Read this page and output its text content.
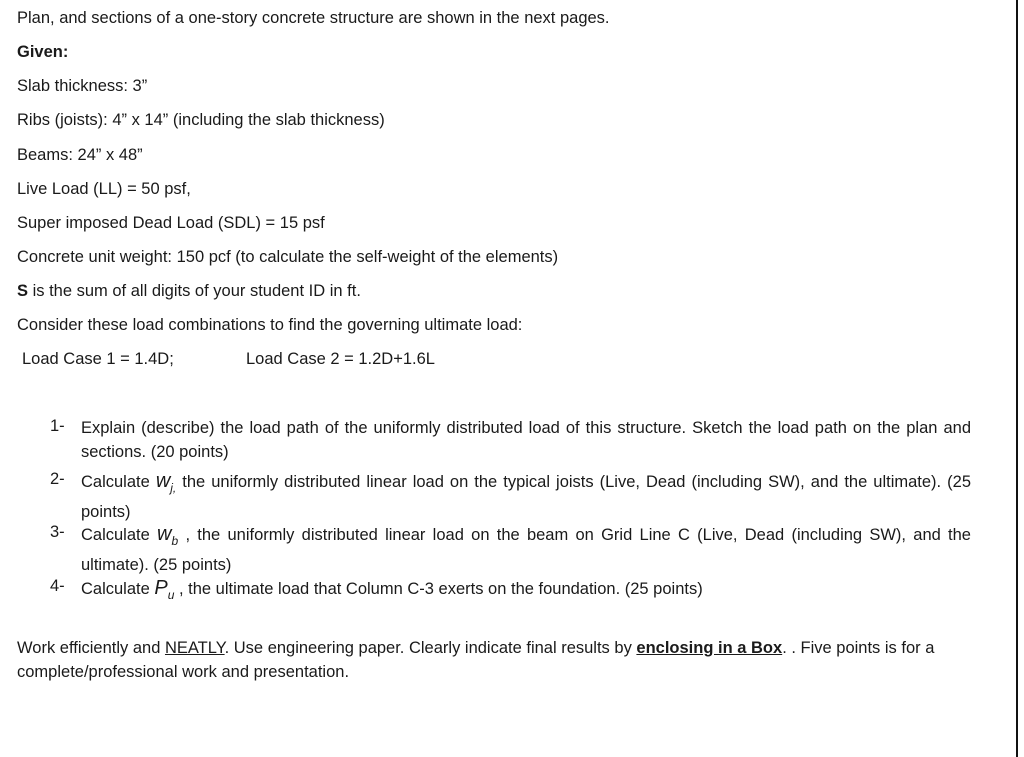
Plan, and sections of a one-story concrete structure are shown in the next pages.
Given:
Slab thickness: 3”
Ribs (joists): 4” x 14” (including the slab thickness)
Beams: 24” x 48”
Live Load (LL) = 50 psf,
Super imposed Dead Load (SDL) = 15 psf
Concrete unit weight: 150 pcf (to calculate the self-weight of the elements)
S is the sum of all digits of your student ID in ft.
Consider these load combinations to find the governing ultimate load:
Load Case 1 = 1.4D;	Load Case 2 = 1.2D+1.6L
1- Explain (describe) the load path of the uniformly distributed load of this structure. Sketch the load path on the plan and sections. (20 points)
2- Calculate $w_{j,}$ the uniformly distributed linear load on the typical joists (Live, Dead (including SW), and the ultimate). (25 points)
3- Calculate $w_b$ , the uniformly distributed linear load on the beam on Grid Line C (Live, Dead (including SW), and the ultimate). (25 points)
4- Calculate $P_u$ , the ultimate load that Column C-3 exerts on the foundation. (25 points)
Work efficiently and NEATLY. Use engineering paper. Clearly indicate final results by enclosing in a Box. . Five points is for a complete/professional work and presentation.
